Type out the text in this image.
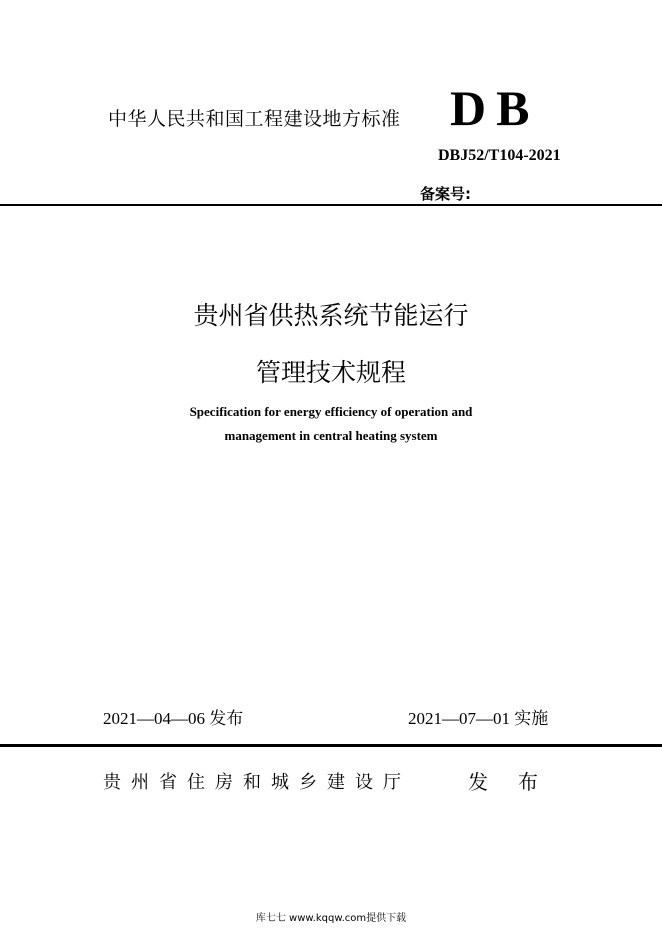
中华人民共和国工程建设地方标准 DB
DBJ52/T104-2021
备案号:
贵州省供热系统节能运行
管理技术规程
Specification for energy efficiency of operation and
management in central heating system
2021—04—06 发布	2021—07—01 实施
贵州省住房和城乡建设厅	发布
库七七 www.kqqw.com提供下载
